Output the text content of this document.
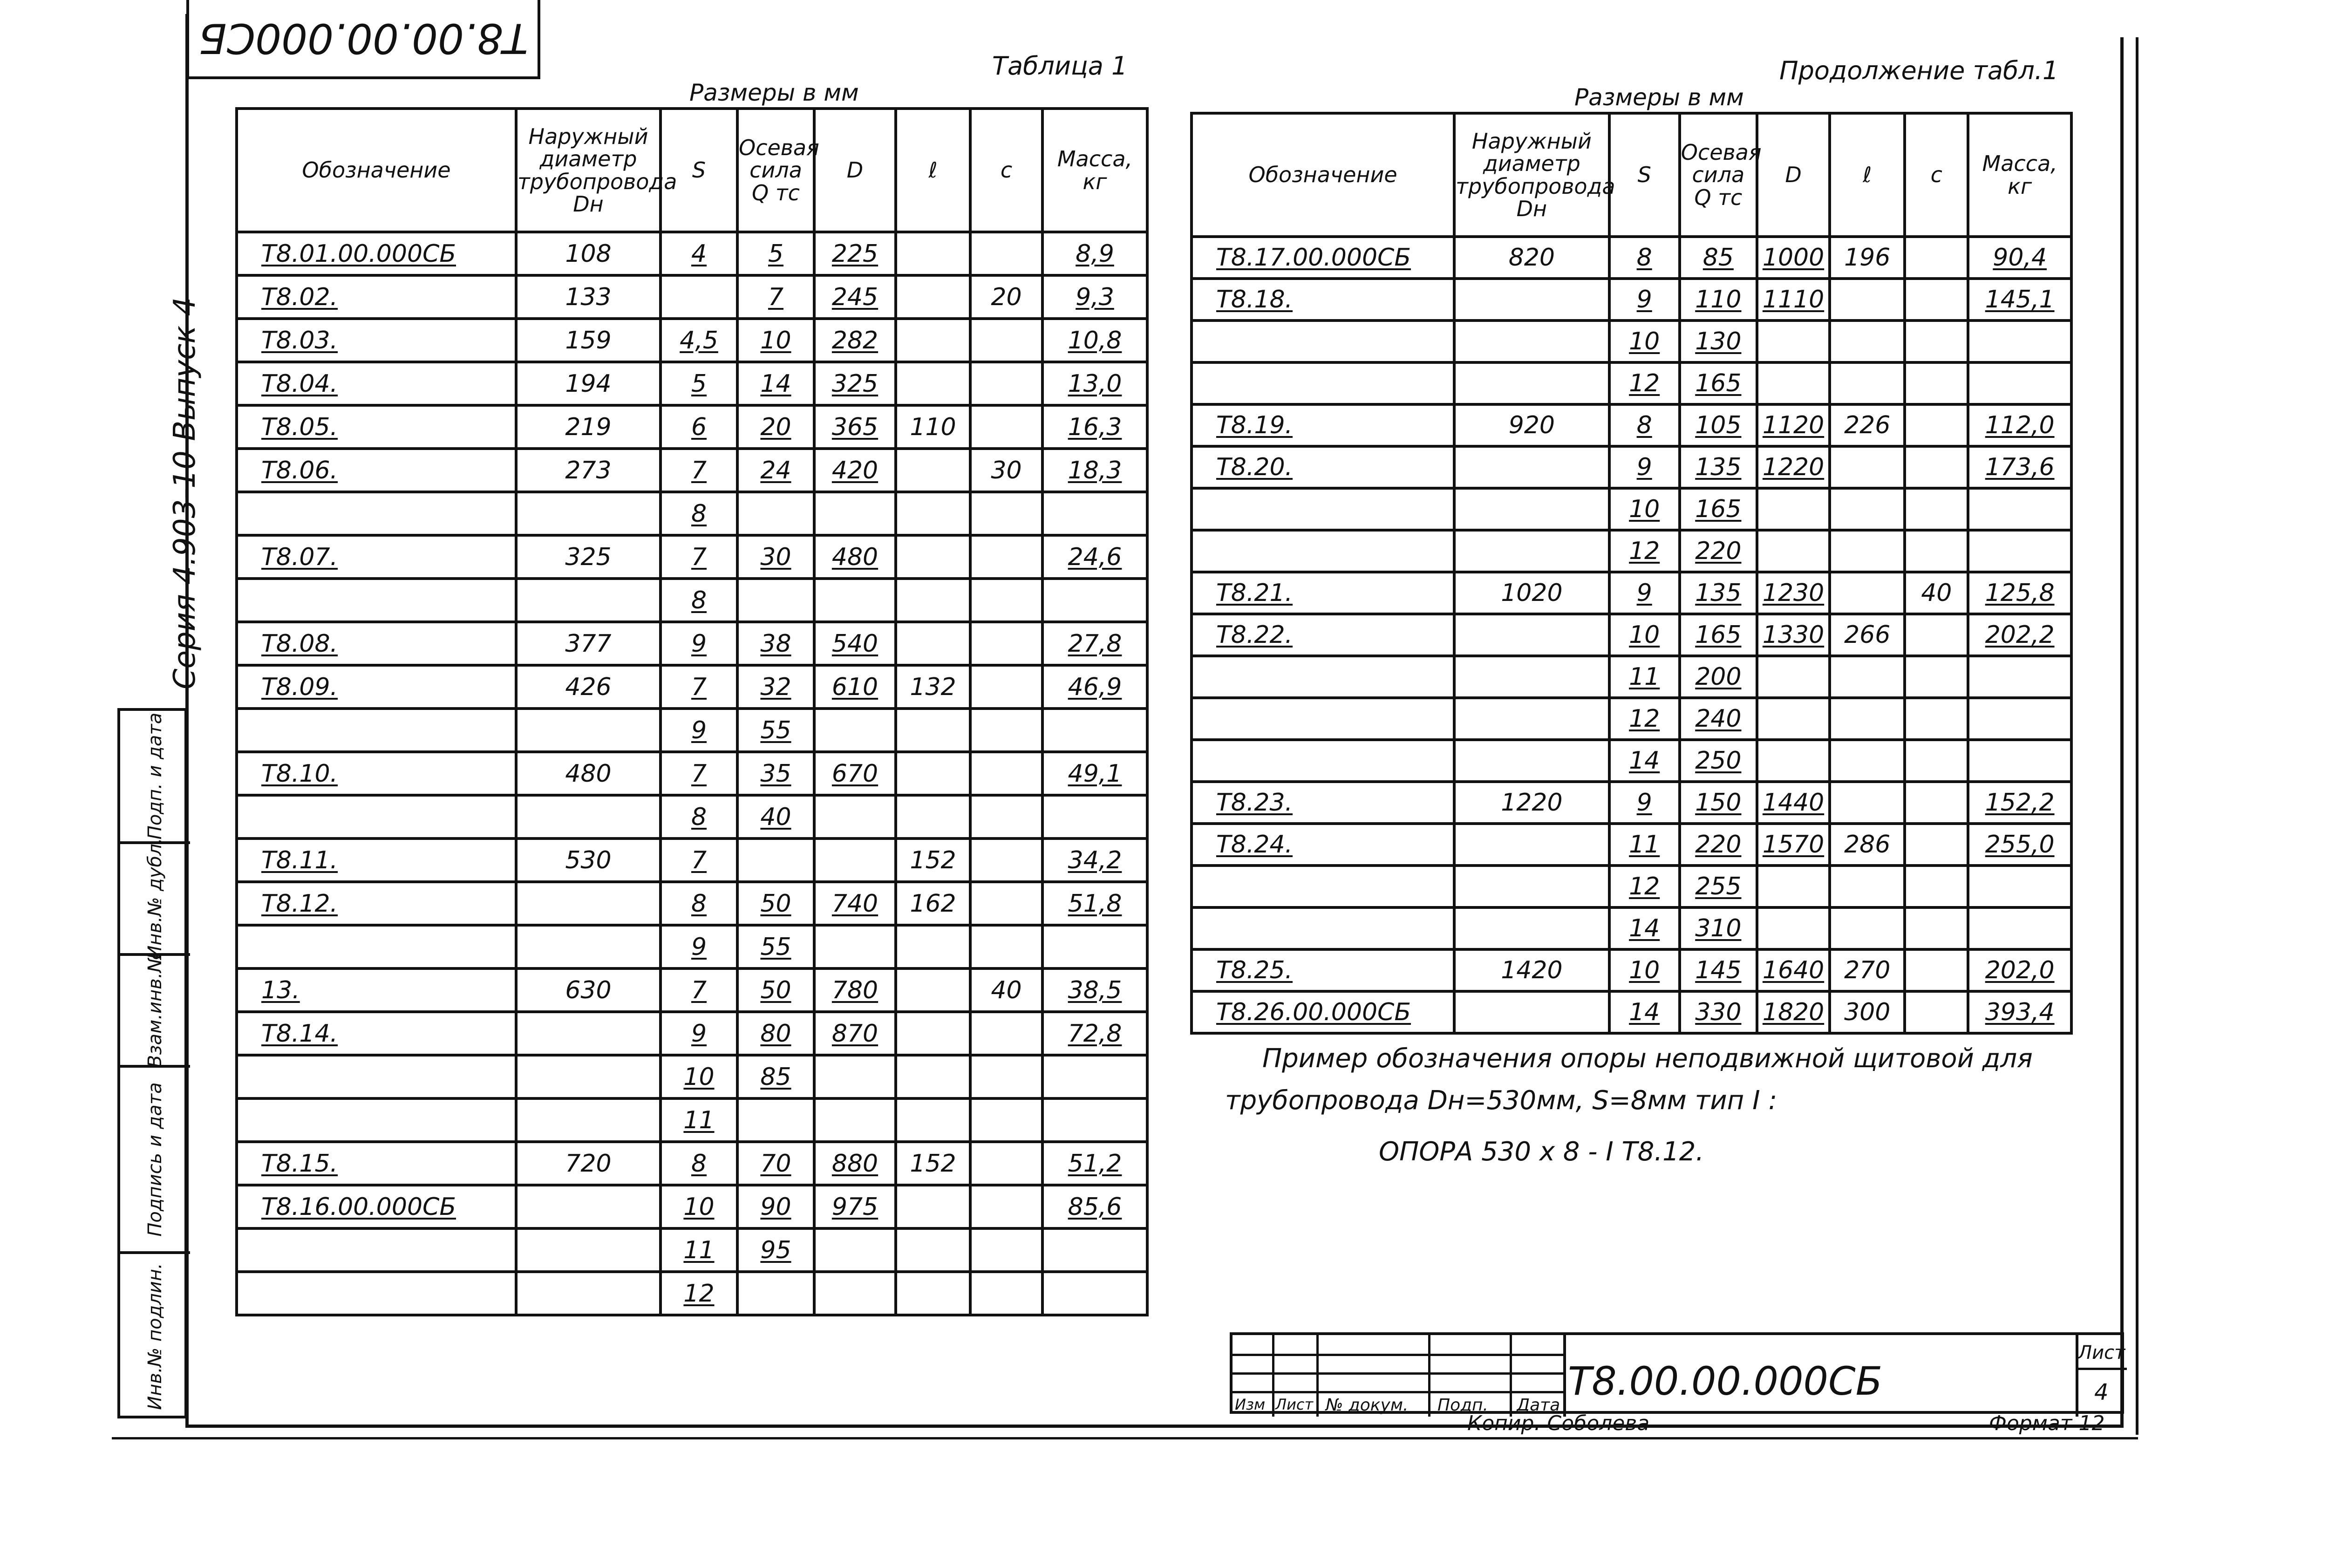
Т8.00.00.000СБ
Серия 4.903-10 Выпуск 4
Инв.№ подлин.
Подпись и дата
Взам.инв.№
Инв.№ дубл.
Подп. и дата
Таблица 1
Размеры в мм
Продолжение табл.1
Размеры в мм
Обозначение	Наружный диаметр трубопровода Dн	S	Осевая сила Q тс	D	ℓ	c	Масса, кг
Т8.01.00.000СБ	108	4	5	225			8,9
Т8.02.	133		7	245		20	9,3
Т8.03.	159	4,5	10	282			10,8
Т8.04.	194	5	14	325			13,0
Т8.05.	219	6	20	365	110		16,3
Т8.06.	273	7	24	420		30	18,3
		8					
Т8.07.	325	7	30	480			24,6
		8					
Т8.08.	377	9	38	540			27,8
Т8.09.	426	7	32	610	132		46,9
		9	55				
Т8.10.	480	7	35	670			49,1
		8	40				
Т8.11.	530	7			152		34,2
Т8.12.		8	50	740	162		51,8
		9	55				
13.	630	7	50	780		40	38,5
Т8.14.		9	80	870			72,8
		10	85				
		11					
Т8.15.	720	8	70	880	152		51,2
Т8.16.00.000СБ		10	90	975			85,6
		11	95				
		12					
Обозначение	Наружный диаметр трубопровода Dн	S	Осевая сила Q тс	D	ℓ	c	Масса, кг
Т8.17.00.000СБ	820	8	85	1000	196		90,4
Т8.18.		9	110	1110			145,1
		10	130				
		12	165				
Т8.19.	920	8	105	1120	226		112,0
Т8.20.		9	135	1220			173,6
		10	165				
		12	220				
Т8.21.	1020	9	135	1230		40	125,8
Т8.22.		10	165	1330	266		202,2
		11	200				
		12	240				
		14	250				
Т8.23.	1220	9	150	1440			152,2
Т8.24.		11	220	1570	286		255,0
		12	255				
		14	310				
Т8.25.	1420	10	145	1640	270		202,0
Т8.26.00.000СБ		14	330	1820	300		393,4
Пример обозначения опоры неподвижной щитовой для
трубопровода Dн=530мм, S=8мм тип I :
ОПОРА 530 х 8 - I Т8.12.
Изм Лист № докум. Подп. Дата
Т8.00.00.000СБ
Лист
4
Копир. Соболева	Формат 12
